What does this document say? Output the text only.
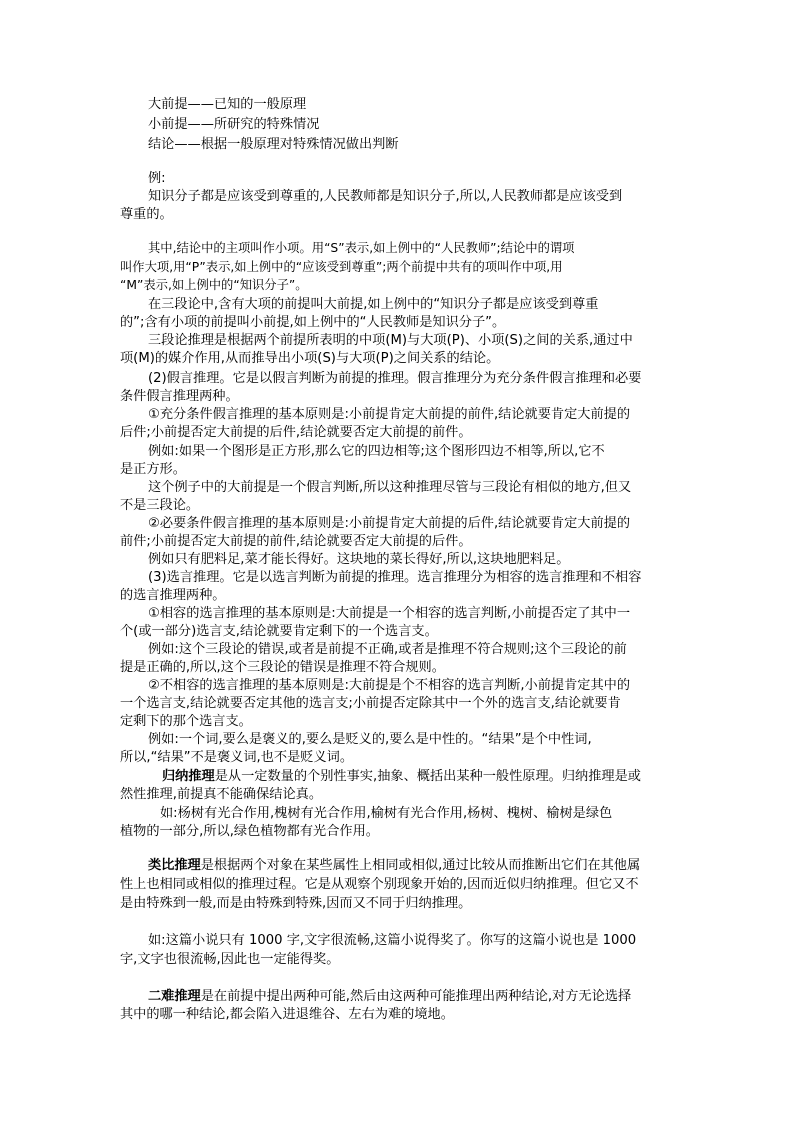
大前提——已知的一般原理
小前提——所研究的特殊情况
结论——根据一般原理对特殊情况做出判断
例:
知识分子都是应该受到尊重的,人民教师都是知识分子,所以,人民教师都是应该受到
尊重的。
其中,结论中的主项叫作小项。用“S”表示,如上例中的“人民教师”;结论中的谓项
叫作大项,用“P”表示,如上例中的“应该受到尊重”;两个前提中共有的项叫作中项,用
“M”表示,如上例中的“知识分子”。
在三段论中,含有大项的前提叫大前提,如上例中的“知识分子都是应该受到尊重
的”;含有小项的前提叫小前提,如上例中的“人民教师是知识分子”。
三段论推理是根据两个前提所表明的中项(M)与大项(P)、小项(S)之间的关系,通过中
项(M)的媒介作用,从而推导出小项(S)与大项(P)之间关系的结论。
(2)假言推理。它是以假言判断为前提的推理。假言推理分为充分条件假言推理和必要
条件假言推理两种。
①充分条件假言推理的基本原则是:小前提肯定大前提的前件,结论就要肯定大前提的
后件;小前提否定大前提的后件,结论就要否定大前提的前件。
例如:如果一个图形是正方形,那么它的四边相等;这个图形四边不相等,所以,它不
是正方形。
这个例子中的大前提是一个假言判断,所以这种推理尽管与三段论有相似的地方,但又
不是三段论。
②必要条件假言推理的基本原则是:小前提肯定大前提的后件,结论就要肯定大前提的
前件;小前提否定大前提的前件,结论就要否定大前提的后件。
例如只有肥料足,菜才能长得好。这块地的菜长得好,所以,这块地肥料足。
(3)选言推理。它是以选言判断为前提的推理。选言推理分为相容的选言推理和不相容
的选言推理两种。
①相容的选言推理的基本原则是:大前提是一个相容的选言判断,小前提否定了其中一
个(或一部分)选言支,结论就要肯定剩下的一个选言支。
例如:这个三段论的错误,或者是前提不正确,或者是推理不符合规则;这个三段论的前
提是正确的,所以,这个三段论的错误是推理不符合规则。
②不相容的选言推理的基本原则是:大前提是个不相容的选言判断,小前提肯定其中的
一个选言支,结论就要否定其他的选言支;小前提否定除其中一个外的选言支,结论就要肯
定剩下的那个选言支。
例如:一个词,要么是褒义的,要么是贬义的,要么是中性的。“结果”是个中性词,
所以,“结果”不是褒义词,也不是贬义词。
归纳推理是从一定数量的个别性事实,抽象、概括出某种一般性原理。归纳推理是或
然性推理,前提真不能确保结论真。
如:杨树有光合作用,槐树有光合作用,榆树有光合作用,杨树、槐树、榆树是绿色
植物的一部分,所以,绿色植物都有光合作用。
类比推理是根据两个对象在某些属性上相同或相似,通过比较从而推断出它们在其他属
性上也相同或相似的推理过程。它是从观察个别现象开始的,因而近似归纳推理。但它又不
是由特殊到一般,而是由特殊到特殊,因而又不同于归纳推理。
如:这篇小说只有 1000 字,文字很流畅,这篇小说得奖了。你写的这篇小说也是 1000
字,文字也很流畅,因此也一定能得奖。
二难推理是在前提中提出两种可能,然后由这两种可能推理出两种结论,对方无论选择
其中的哪一种结论,都会陷入进退维谷、左右为难的境地。
